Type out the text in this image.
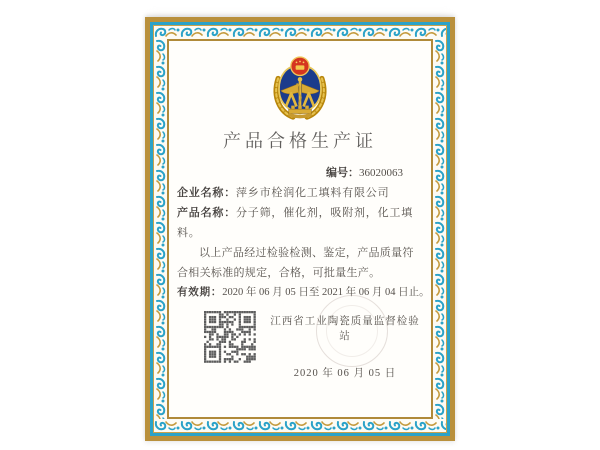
产品合格生产证
编号：36020063
企业名称：萍乡市栓润化工填料有限公司
产品名称：分子筛，催化剂，吸附剂，化工填料。

以上产品经过检验检测、鉴定，产品质量符合相关标准的规定，合格，可批量生产。

有效期：2020 年 06 月 05 日至 2021 年 06 月 04 日止。
江西省工业陶瓷质量监督检验站
2020 年 06 月 05 日
